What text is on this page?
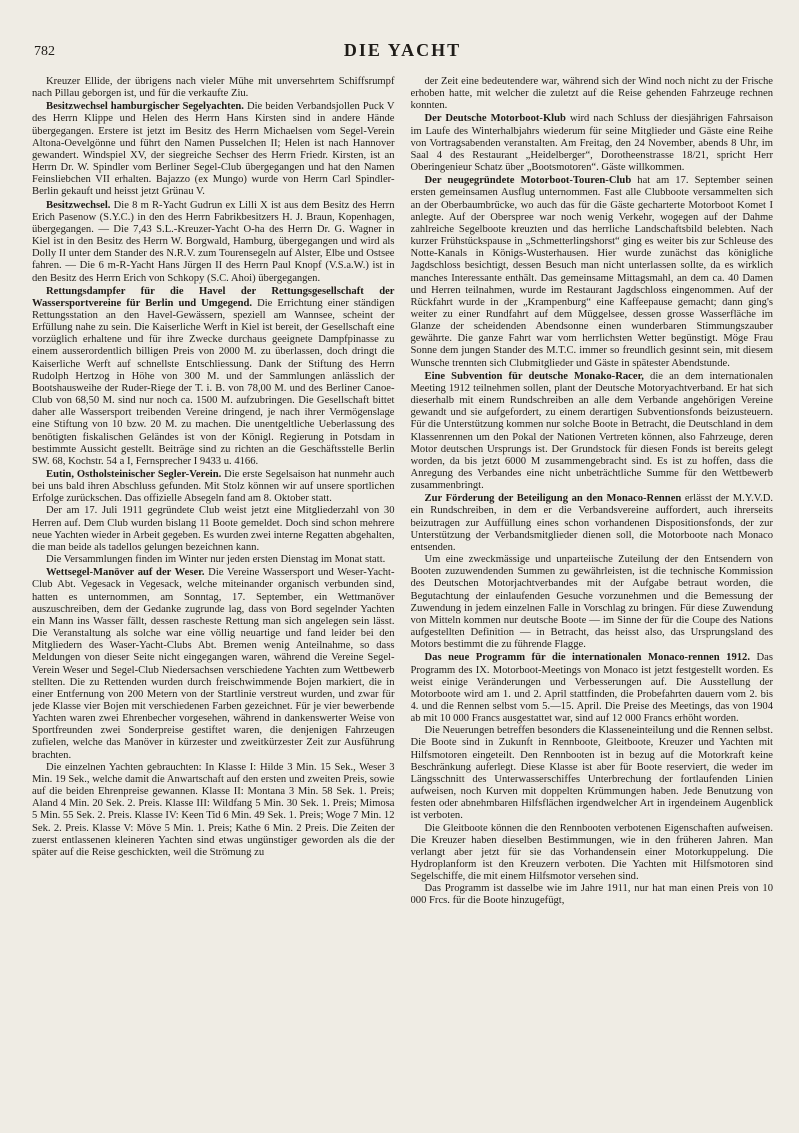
782	DIE YACHT

Kreuzer Ellide, der übrigens nach vieler Mühe mit unversehrtem Schiffsrumpf nach Pillau geborgen ist, und für die verkaufte Ziu.

Besitzwechsel hamburgischer Segelyachten. Die beiden Verbandsjollen Puck V des Herrn Klippe und Helen des Herrn Hans Kirsten sind in andere Hände übergegangen. Erstere ist jetzt im Besitz des Herrn Michaelsen vom Segel-Verein Altona-Oevelgönne und führt den Namen Pusselchen II; Helen ist nach Hannover gewandert. Windspiel XV, der siegreiche Sechser des Herrn Friedr. Kirsten, ist an Herrn Dr. W. Spindler vom Berliner Segel-Club übergegangen und hat den Namen Feinsliebchen VII erhalten. Bajazzo (ex Mungo) wurde von Herrn Carl Spindler-Berlin gekauft und heisst jetzt Grünau V.

Besitzwechsel. Die 8 m R-Yacht Gudrun ex Lilli X ist aus dem Besitz des Herrn Erich Pasenow (S.Y.C.) in den des Herrn Fabrikbesitzers H. J. Braun, Kopenhagen, übergegangen. — Die 7,43 S.L.-Kreuzer-Yacht O-ha des Herrn Dr. G. Wagner in Kiel ist in den Besitz des Herrn W. Borgwald, Hamburg, übergegangen und wird als Dolly II unter dem Stander des N.R.V. zum Tourensegeln auf Alster, Elbe und Ostsee fahren. — Die 6 m-R-Yacht Hans Jürgen II des Herrn Paul Knopf (V.S.a.W.) ist in den Besitz des Herrn Erich von Schkopy (S.C. Ahoi) übergegangen.

Rettungsdampfer für die Havel der Rettungsgesellschaft der Wassersportvereine für Berlin und Umgegend. Die Errichtung einer ständigen Rettungsstation an den Havel-Gewässern, speziell am Wannsee, scheint der Erfüllung nahe zu sein. Die Kaiserliche Werft in Kiel ist bereit, der Gesellschaft eine vorzüglich erhaltene und für ihre Zwecke durchaus geeignete Dampfpinasse zu einem ausserordentlich billigen Preis von 2000 M. zu überlassen, doch dringt die Kaiserliche Werft auf schnellste Entschliessung. Dank der Stiftung des Herrn Rudolph Hertzog in Höhe von 300 M. und der Sammlungen anlässlich der Bootshausweihe der Ruder-Riege der T. i. B. von 78,00 M. und des Berliner Canoe-Club von 68,50 M. sind nur noch ca. 1500 M. aufzubringen. Die Gesellschaft bittet daher alle Wassersport treibenden Vereine dringend, je nach ihrer Vermögenslage eine Stiftung von 10 bzw. 20 M. zu machen. Die unentgeltliche Ueberlassung des benötigten fiskalischen Geländes ist von der Königl. Regierung in Potsdam in bestimmte Aussicht gestellt. Beiträge sind zu richten an die Geschäftsstelle Berlin SW. 68, Kochstr. 54 a I, Fernsprecher I 9433 u. 4166.

Eutin, Ostholsteinischer Segler-Verein. Die erste Segelsaison hat nunmehr auch bei uns bald ihren Abschluss gefunden. Mit Stolz können wir auf unsere sportlichen Erfolge zurückschen. Das offizielle Absegeln fand am 8. Oktober statt.

Der am 17. Juli 1911 gegründete Club weist jetzt eine Mitgliederzahl von 30 Herren auf. Dem Club wurden bislang 11 Boote gemeldet. Doch sind schon mehrere neue Yachten wieder in Arbeit gegeben. Es wurden zwei interne Regatten abgehalten, die man beide als tadellos gelungen bezeichnen kann.

Die Versammlungen finden im Winter nur jeden ersten Dienstag im Monat statt.

Wettsegel-Manöver auf der Weser. Die Vereine Wassersport und Weser-Yacht-Club Abt. Vegesack in Vegesack, welche miteinander organisch verbunden sind, hatten es unternommen, am Sonntag, 17. September, ein Wettmanöver auszuschreiben, dem der Gedanke zugrunde lag, dass von Bord segelnder Yachten ein Mann ins Wasser fällt, dessen rascheste Rettung man sich angelegen sein lässt. Die Veranstaltung als solche war eine völlig neuartige und fand leider bei den Mitgliedern des Waser-Yacht-Clubs Abt. Bremen wenig Anteilnahme, so dass Meldungen von dieser Seite nicht eingegangen waren, während die Vereine Segel-Verein Weser und Segel-Club Niedersachsen verschiedene Yachten zum Wettbewerb stellten. Die zu Rettenden wurden durch freischwimmende Bojen markiert, die in einer Entfernung von 200 Metern von der Startlinie verstreut wurden, und zwar für jede Klasse vier Bojen mit verschiedenen Farben gezeichnet. Für je vier bewerbende Yachten waren zwei Ehrenbecher vorgesehen, während in dankenswerter Weise von Sportfreunden zwei Sonderpreise gestiftet waren, die denjenigen Fahrzeugen zufielen, welche das Manöver in kürzester und zweitkürzester Zeit zur Ausführung brachten.

Die einzelnen Yachten gebrauchten: In Klasse I: Hilde 3 Min. 15 Sek., Weser 3 Min. 19 Sek., welche damit die Anwartschaft auf den ersten und zweiten Preis, sowie auf die beiden Ehrenpreise gewannen. Klasse II: Montana 3 Min. 58 Sek. 1. Preis; Aland 4 Min. 20 Sek. 2. Preis. Klasse III: Wildfang 5 Min. 30 Sek. 1. Preis; Mimosa 5 Min. 55 Sek. 2. Preis. Klasse IV: Keen Tid 6 Min. 49 Sek. 1. Preis; Woge 7 Min. 12 Sek. 2. Preis. Klasse V: Möve 5 Min. 1. Preis; Kathe 6 Min. 2 Preis. Die Zeiten der zuerst entlassenen kleineren Yachten sind etwas ungünstiger geworden als die der später auf die Reise geschickten, weil die Strömung zu

der Zeit eine bedeutendere war, während sich der Wind noch nicht zu der Frische erhoben hatte, mit welcher die zuletzt auf die Reise gehenden Fahrzeuge rechnen konnten.

Der Deutsche Motorboot-Klub wird nach Schluss der diesjährigen Fahrsaison im Laufe des Winterhalbjahrs wiederum für seine Mitglieder und Gäste eine Reihe von Vortragsabenden veranstalten. Am Freitag, den 24 November, abends 8 Uhr, im Saal 4 des Restaurant „Heidelberger“, Dorotheenstrasse 18/21, spricht Herr Oberingenieur Schatz über „Bootsmotoren“. Gäste willkommen.

Der neugegründete Motorboot-Touren-Club hat am 17. September seinen ersten gemeinsamen Ausflug unternommen. Fast alle Clubboote versammelten sich an der Oberbaumbrücke, wo auch das für die Gäste gecharterte Motorboot Komet I anlegte. Auf der Oberspree war noch wenig Verkehr, wogegen auf der Dahme zahlreiche Segelboote kreuzten und das herrliche Landschaftsbild belebten. Nach kurzer Frühstückspause in „Schmetterlingshorst“ ging es weiter bis zur Schleuse des Notte-Kanals in Königs-Wusterhausen. Hier wurde zunächst das königliche Jagdschloss besichtigt, dessen Besuch man nicht unterlassen sollte, da es wirklich manches Interessante enthält. Das gemeinsame Mittagsmahl, an dem ca. 40 Damen und Herren teilnahmen, wurde im Restaurant Jagdschloss eingenommen. Auf der Rückfahrt wurde in der „Krampenburg“ eine Kaffeepause gemacht; dann ging's weiter zu einer Rundfahrt auf dem Müggelsee, dessen grosse Wasserfläche im Glanze der scheidenden Abendsonne einen wunderbaren Stimmungszauber gewährte. Die ganze Fahrt war vom herrlichsten Wetter begünstigt. Möge Frau Sonne dem jungen Stander des M.T.C. immer so freundlich gesinnt sein, mit diesem Wunsche trennten sich Clubmitglieder und Gäste in spätester Abendstunde.

Eine Subvention für deutsche Monako-Racer, die an dem internationalen Meeting 1912 teilnehmen sollen, plant der Deutsche Motoryachtverband. Er hat sich dieserhalb mit einem Rundschreiben an alle dem Verbande angehörigen Vereine gewandt und sie aufgefordert, zu einem derartigen Subventionsfonds beizusteuern. Für die Unterstützung kommen nur solche Boote in Betracht, die Deutschland in dem Klassenrennen um den Pokal der Nationen Vertreten können, also Fahrzeuge, deren Motor deutschen Ursprungs ist. Der Grundstock für diesen Fonds ist bereits gelegt worden, da bis jetzt 6000 M zusammengebracht sind. Es ist zu hoffen, dass die Anregung des Verbandes eine nicht unbeträchtliche Summe für den Wettbewerb zusammenbringt.

Zur Förderung der Beteiligung an den Monaco-Rennen erlässt der M.Y.V.D. ein Rundschreiben, in dem er die Verbandsvereine auffordert, auch ihrerseits beizutragen zur Auffüllung eines schon vorhandenen Dispositionsfonds, der zur Unterstützung der Verbandsmitglieder dienen soll, die Motorboote nach Monaco entsenden.

Um eine zweckmässige und unparteiische Zuteilung der den Entsendern von Booten zuzuwendenden Summen zu gewährleisten, ist die technische Kommission des Deutschen Motorjachtverbandes mit der Aufgabe betraut worden, die Begutachtung der einlaufenden Gesuche vorzunehmen und die Bemessung der Zuwendung in jedem einzelnen Falle in Vorschlag zu bringen. Für diese Zuwendung von Mitteln kommen nur deutsche Boote — im Sinne der für die Coupe des Nations aufgestellten Definition — in Betracht, das heisst also, das Ursprungsland des Motors bestimmt die zu führende Flagge.

Das neue Programm für die internationalen Monaco-rennen 1912. Das Programm des IX. Motorboot-Meetings von Monaco ist jetzt festgestellt worden. Es weist einige Veränderungen und Verbesserungen auf. Die Ausstellung der Motorboote wird am 1. und 2. April stattfinden, die Probefahrten dauern vom 2. bis 4. und die Rennen selbst vom 5.—15. April. Die Preise des Meetings, das von 1904 ab mit 10 000 Francs ausgestattet war, sind auf 12 000 Francs erhöht worden.

Die Neuerungen betreffen besonders die Klasseneinteilung und die Rennen selbst. Die Boote sind in Zukunft in Rennboote, Gleitboote, Kreuzer und Yachten mit Hilfsmotoren eingeteilt. Den Rennbooten ist in bezug auf die Motorkraft keine Beschränkung auferlegt. Diese Klasse ist aber für Boote reserviert, die weder im Längsschnitt des Unterwasserschiffes Unterbrechung der fortlaufenden Linien aufweisen, noch Kurven mit doppelten Krümmungen haben. Jede Benutzung von festen oder abnehmbaren Hilfsflächen irgendwelcher Art in irgendeinem Augenblick ist verboten.

Die Gleitboote können die den Rennbooten verbotenen Eigenschaften aufweisen. Die Kreuzer haben dieselben Bestimmungen, wie in den früheren Jahren. Man verlangt aber jetzt für sie das Vorhandensein einer Motorkuppelung. Die Hydroplanform ist den Kreuzern verboten. Die Yachten mit Hilfsmotoren sind Segelschiffe, die mit einem Hilfsmotor versehen sind.

Das Programm ist dasselbe wie im Jahre 1911, nur hat man einen Preis von 10 000 Frcs. für die Boote hinzugefügt,
